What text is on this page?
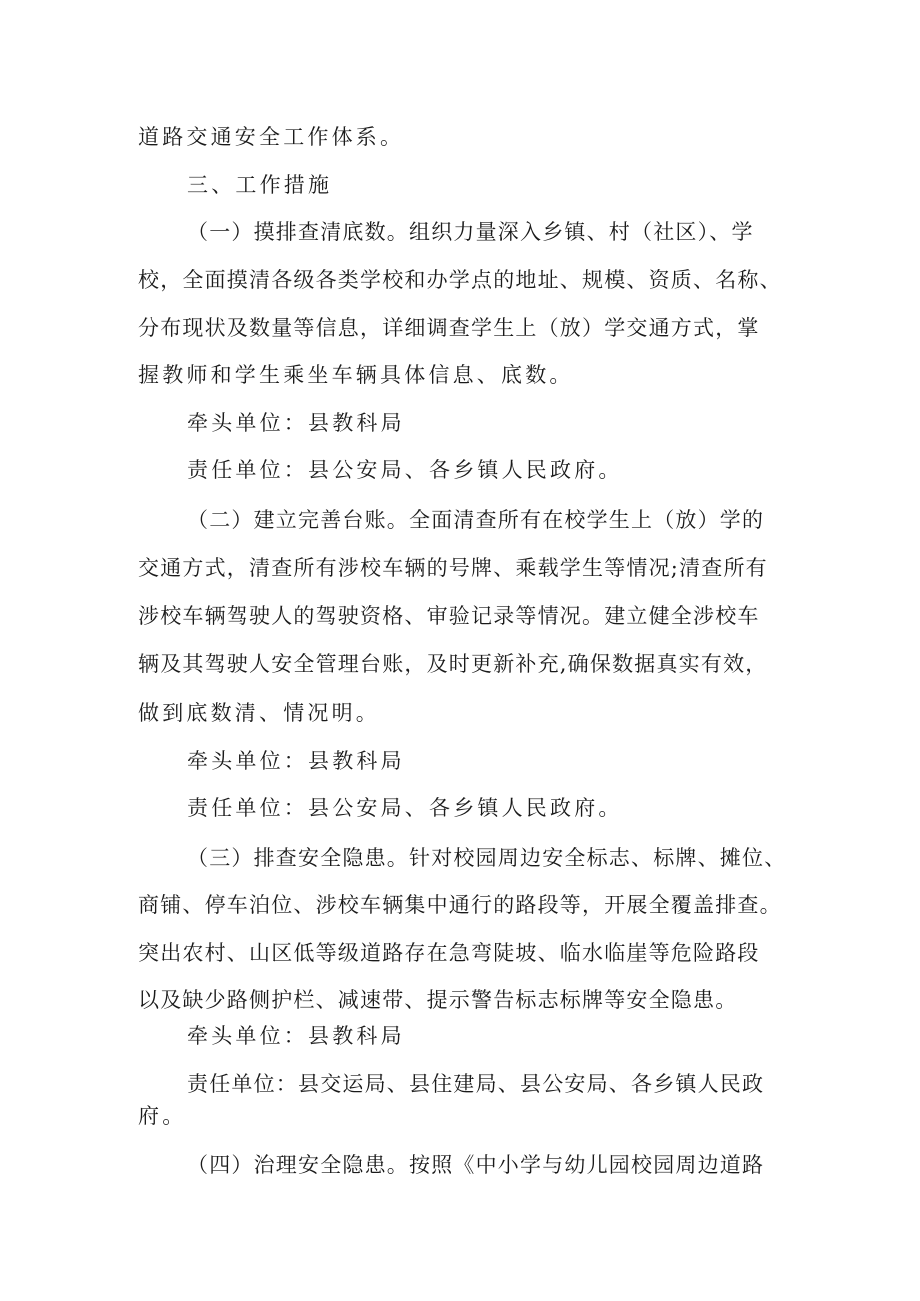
道路交通安全工作体系。
三、工作措施
（一）摸排查清底数。组织力量深入乡镇、村（社区）、学
校，全面摸清各级各类学校和办学点的地址、规模、资质、名称、
分布现状及数量等信息，详细调查学生上（放）学交通方式，掌
握教师和学生乘坐车辆具体信息、底数。
牵头单位：县教科局
责任单位：县公安局、各乡镇人民政府。
（二）建立完善台账。全面清查所有在校学生上（放）学的
交通方式，清查所有涉校车辆的号牌、乘载学生等情况;清查所有
涉校车辆驾驶人的驾驶资格、审验记录等情况。建立健全涉校车
辆及其驾驶人安全管理台账，及时更新补充,确保数据真实有效，
做到底数清、情况明。
牵头单位：县教科局
责任单位：县公安局、各乡镇人民政府。
（三）排查安全隐患。针对校园周边安全标志、标牌、摊位、
商铺、停车泊位、涉校车辆集中通行的路段等，开展全覆盖排查。
突出农村、山区低等级道路存在急弯陡坡、临水临崖等危险路段
以及缺少路侧护栏、减速带、提示警告标志标牌等安全隐患。
牵头单位：县教科局
责任单位：县交运局、县住建局、县公安局、各乡镇人民政
府。
（四）治理安全隐患。按照《中小学与幼儿园校园周边道路
